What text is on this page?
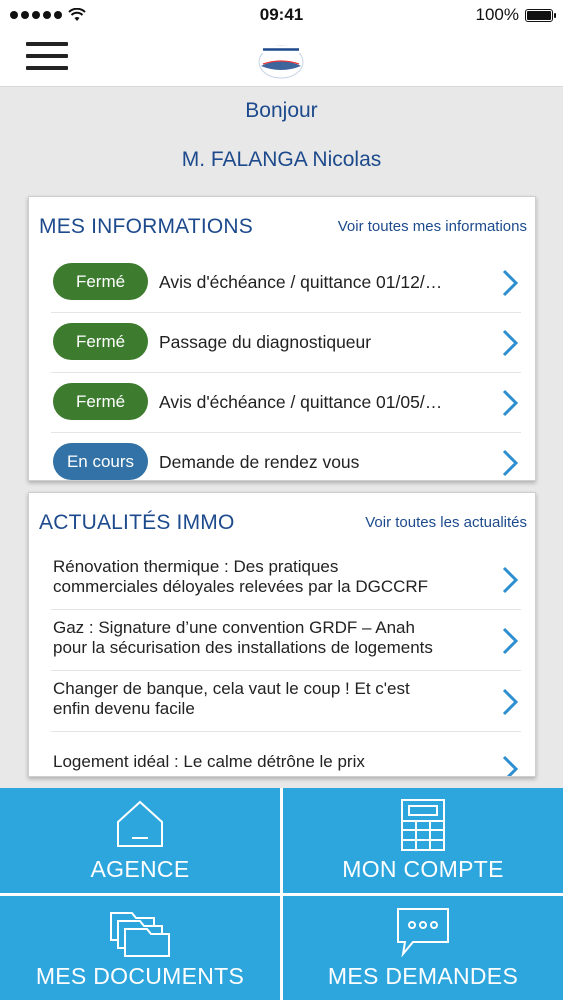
09:41	100%
Bonjour
M. FALANGA Nicolas
MES INFORMATIONS	Voir toutes mes informations
Fermé	Avis d'échéance / quittance 01/12/…
Fermé	Passage du diagnostiqueur
Fermé	Avis d'échéance / quittance 01/05/…
En cours	Demande de rendez vous
ACTUALITÉS IMMO	Voir toutes les actualités
Rénovation thermique : Des pratiques
commerciales déloyales relevées par la DGCCRF
Gaz : Signature d’une convention GRDF – Anah
pour la sécurisation des installations de logements
Changer de banque, cela vaut le coup ! Et c'est
enfin devenu facile
Logement idéal : Le calme détrône le prix
AGENCE	MON COMPTE
MES DOCUMENTS	MES DEMANDES
